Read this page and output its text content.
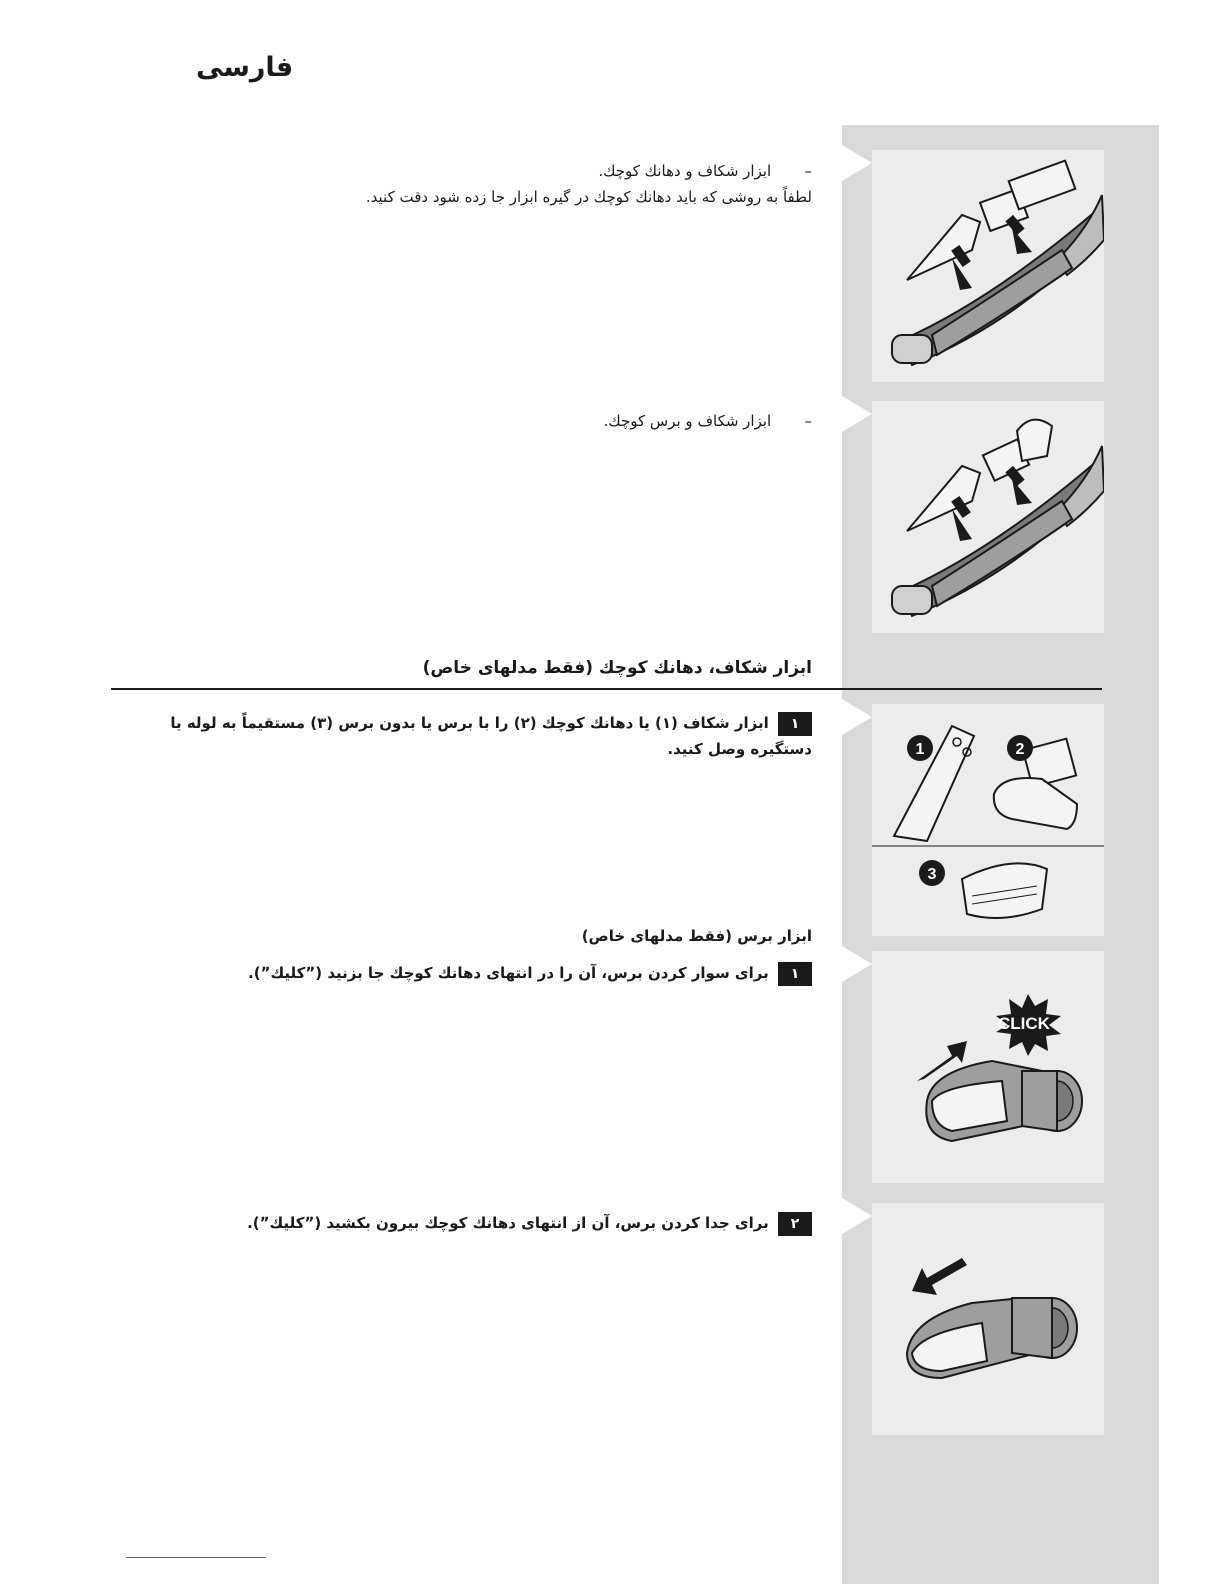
فارسی
1	2
3
CLICK
– ابزار شکاف و دهانك کوچك.
لطفاً به روشی که باید دهانك کوچك در گیره ابزار جا زده شود دقت کنید.
– ابزار شکاف و برس کوچك.
ابزار شکاف، دهانك کوچك (فقط مدلهای خاص)
۱ ابزار شکاف (۱) یا دهانك کوچك (۲) را با برس یا بدون برس (۳) مستقیماً به لوله یا دستگیره وصل کنید.
ابزار برس (فقط مدلهای خاص)
۱ برای سوار کردن برس، آن را در انتهای دهانك کوچك جا بزنید (ˮکلیكˮ).
۲ برای جدا کردن برس، آن از انتهای دهانك کوچك بیرون بکشید (ˮکلیكˮ).
